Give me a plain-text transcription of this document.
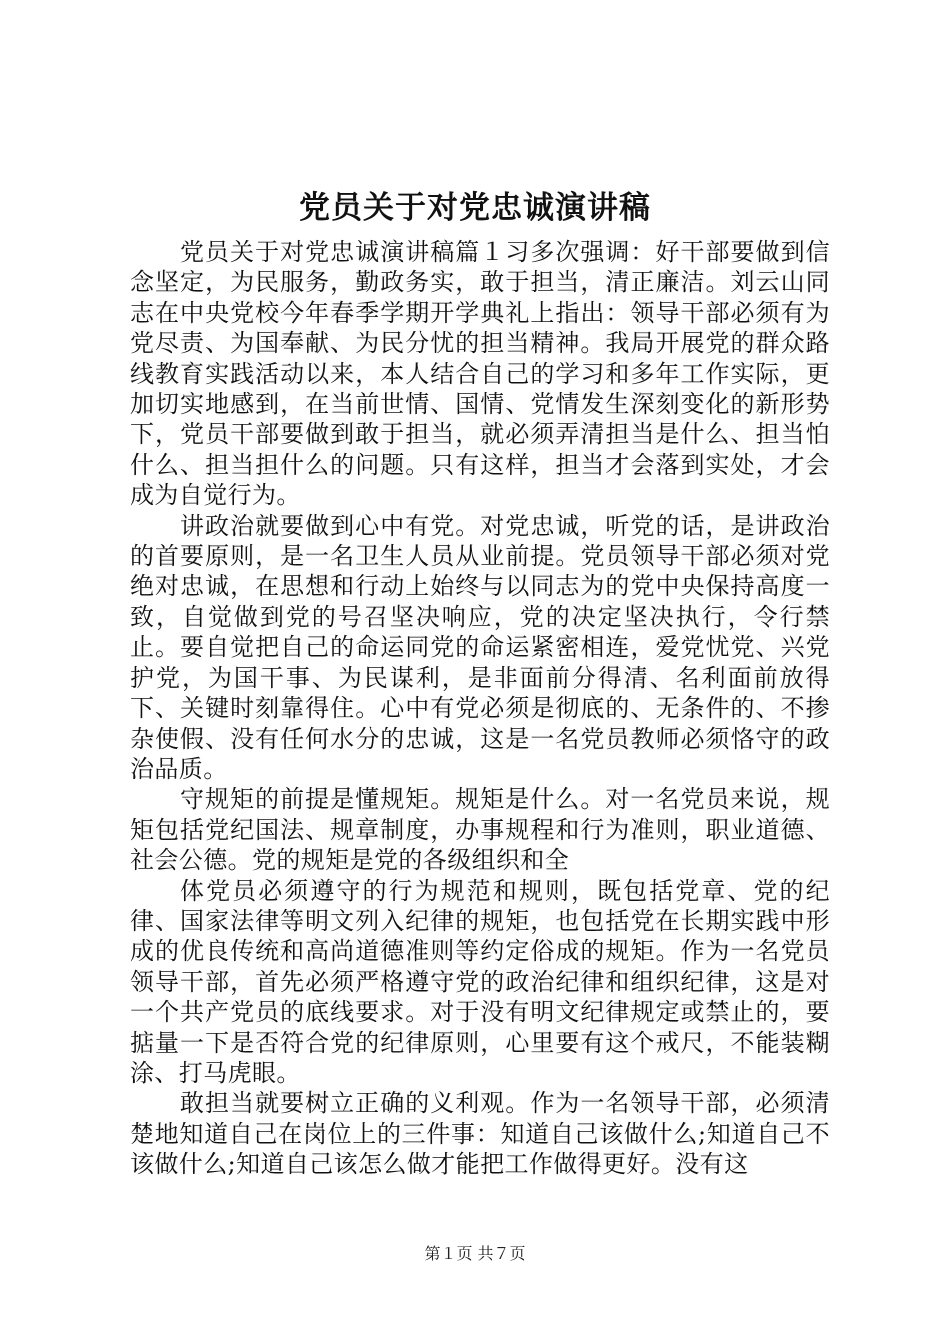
党员关于对党忠诚演讲稿

党员关于对党忠诚演讲稿篇１习多次强调：好干部要做到信念坚定，为民服务，勤政务实，敢于担当，清正廉洁。刘云山同志在中央党校今年春季学期开学典礼上指出：领导干部必须有为党尽责、为国奉献、为民分忧的担当精神。我局开展党的群众路线教育实践活动以来，本人结合自己的学习和多年工作实际，更加切实地感到，在当前世情、国情、党情发生深刻变化的新形势下，党员干部要做到敢于担当，就必须弄清担当是什么、担当怕什么、担当担什么的问题。只有这样，担当才会落到实处，才会成为自觉行为。

讲政治就要做到心中有党。对党忠诚，听党的话，是讲政治的首要原则，是一名卫生人员从业前提。党员领导干部必须对党绝对忠诚，在思想和行动上始终与以同志为的党中央保持高度一致，自觉做到党的号召坚决响应，党的决定坚决执行，令行禁止。要自觉把自己的命运同党的命运紧密相连，爱党忧党、兴党护党，为国干事、为民谋利，是非面前分得清、名利面前放得下、关键时刻靠得住。心中有党必须是彻底的、无条件的、不掺杂使假、没有任何水分的忠诚，这是一名党员教师必须恪守的政治品质。

守规矩的前提是懂规矩。规矩是什么。对一名党员来说，规矩包括党纪国法、规章制度，办事规程和行为准则，职业道德、社会公德。党的规矩是党的各级组织和全

体党员必须遵守的行为规范和规则，既包括党章、党的纪律、国家法律等明文列入纪律的规矩，也包括党在长期实践中形成的优良传统和高尚道德准则等约定俗成的规矩。作为一名党员领导干部，首先必须严格遵守党的政治纪律和组织纪律，这是对一个共产党员的底线要求。对于没有明文纪律规定或禁止的，要掂量一下是否符合党的纪律原则，心里要有这个戒尺，不能装糊涂、打马虎眼。

敢担当就要树立正确的义利观。作为一名领导干部，必须清楚地知道自己在岗位上的三件事：知道自己该做什么;知道自己不该做什么;知道自己该怎么做才能把工作做得更好。没有这

第１页 共７页
